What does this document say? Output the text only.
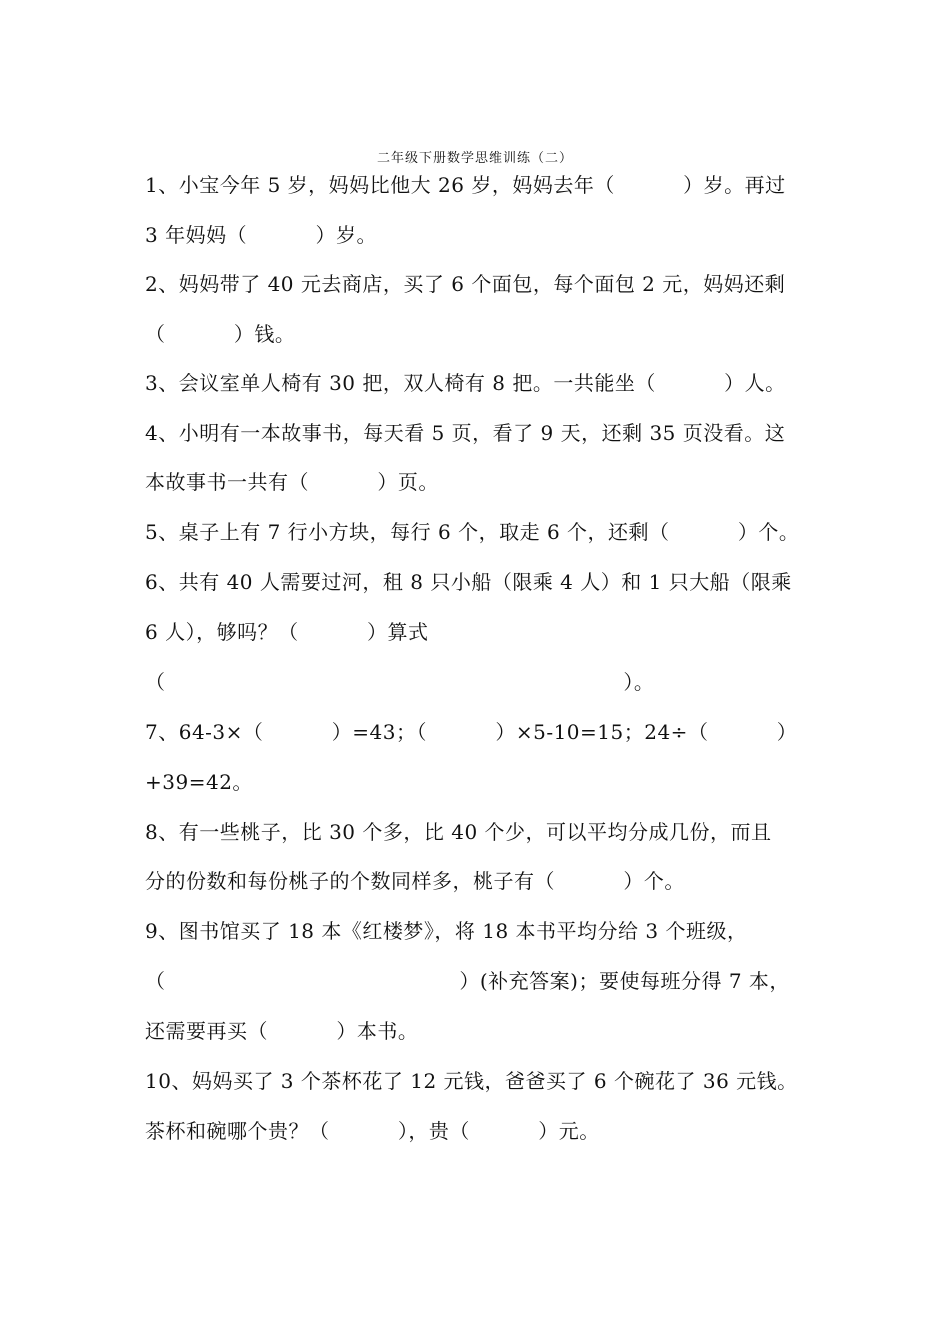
二年级下册数学思维训练（二）
1、小宝今年 5 岁，妈妈比他大 26 岁，妈妈去年（　　　 ）岁。再过
3 年妈妈（　　　 ）岁。
2、妈妈带了 40 元去商店，买了 6 个面包，每个面包 2 元，妈妈还剩
（　　　 ）钱。
3、会议室单人椅有 30 把，双人椅有 8 把。一共能坐（　　　 ）人。
4、小明有一本故事书，每天看 5 页，看了 9 天，还剩 35 页没看。这
本故事书一共有（　　　 ）页。
5、桌子上有 7 行小方块，每行 6 个，取走 6 个，还剩（　　　 ）个。
6、共有 40 人需要过河，租 8 只小船（限乘 4 人）和 1 只大船（限乘
6 人），够吗？（　　　 ）算式
（　　　　　　　　　　　　　　　　　　　　　　 ）。
7、64-3×（　　　 ）=43；（　　　 ）×5-10=15；24÷（　　　 ）
+39=42。
8、有一些桃子，比 30 个多，比 40 个少，可以平均分成几份，而且
分的份数和每份桃子的个数同样多，桃子有（　　　 ）个。
9、图书馆买了 18 本《红楼梦》，将 18 本书平均分给 3 个班级，
（　　　　　　　　　　　　　　 ）(补充答案)；要使每班分得 7 本，
还需要再买（　　　 ）本书。
10、妈妈买了 3 个茶杯花了 12 元钱，爸爸买了 6 个碗花了 36 元钱。
茶杯和碗哪个贵？（　　　 ），贵（　　　 ）元。
